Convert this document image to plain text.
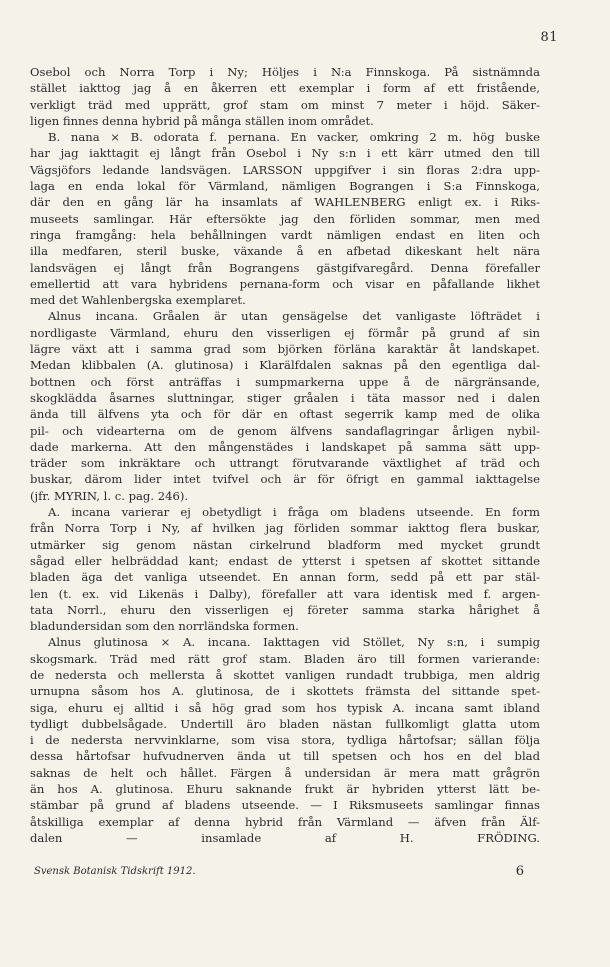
81
Osebol och Norra Torp i Ny; Höljes i N:a Finnskoga. På sistnämnda
stället iakttog jag å en åkerren ett exemplar i form af ett fristående,
verkligt träd med upprätt, grof stam om minst 7 meter i höjd. Säker-
ligen finnes denna hybrid på många ställen inom området.
B. nana × B. odorata f. pernana. En vacker, omkring 2 m. hög buske
har jag iakttagit ej långt från Osebol i Ny s:n i ett kärr utmed den till
Vägsjöfors ledande landsvägen. LARSSON uppgifver i sin floras 2:dra upp-
laga en enda lokal för Värmland, nämligen Bograngen i S:a Finnskoga,
där den en gång lär ha insamlats af WAHLENBERG enligt ex. i Riks-
museets samlingar. Här eftersökte jag den förliden sommar, men med
ringa framgång: hela behållningen vardt nämligen endast en liten och
illa medfaren, steril buske, växande å en afbetad dikeskant helt nära
landsvägen ej långt från Bograngens gästgifvaregård. Denna förefaller
emellertid att vara hybridens pernana-form och visar en påfallande likhet
med det Wahlenbergska exemplaret.
Alnus incana. Gråalen är utan gensägelse det vanligaste löfträdet i
nordligaste Värmland, ehuru den visserligen ej förmår på grund af sin
lägre växt att i samma grad som björken förläna karaktär åt landskapet.
Medan klibbalen (A. glutinosa) i Klarälfdalen saknas på den egentliga dal-
bottnen och först anträffas i sumpmarkerna uppe å de närgränsande,
skogklädda åsarnes sluttningar, stiger gråalen i täta massor ned i dalen
ända till älfvens yta och för där en oftast segerrik kamp med de olika
pil- och videarterna om de genom älfvens sandaflagringar årligen nybil-
dade markerna. Att den mångenstädes i landskapet på samma sätt upp-
träder som inkräktare och uttrangt förutvarande växtlighet af träd och
buskar, därom lider intet tvifvel och är för öfrigt en gammal iakttagelse
(jfr. MYRIN, l. c. pag. 246).
A. incana varierar ej obetydligt i fråga om bladens utseende. En form
från Norra Torp i Ny, af hvilken jag förliden sommar iakttog flera buskar,
utmärker sig genom nästan cirkelrund bladform med mycket grundt
sågad eller helbräddad kant; endast de ytterst i spetsen af skottet sittande
bladen äga det vanliga utseendet. En annan form, sedd på ett par stäl-
len (t. ex. vid Likenäs i Dalby), förefaller att vara identisk med f. argen-
tata Norrl., ehuru den visserligen ej företer samma starka hårighet å
bladundersidan som den norrländska formen.
Alnus glutinosa × A. incana. Iakttagen vid Stöllet, Ny s:n, i sumpig
skogsmark. Träd med rätt grof stam. Bladen äro till formen varierande:
de nedersta och mellersta å skottet vanligen rundadt trubbiga, men aldrig
urnupna såsom hos A. glutinosa, de i skottets främsta del sittande spet-
siga, ehuru ej alltid i så hög grad som hos typisk A. incana samt ibland
tydligt dubbelsågade. Undertill äro bladen nästan fullkomligt glatta utom
i de nedersta nervvinklarne, som visa stora, tydliga hårtofsar; sällan följa
dessa hårtofsar hufvudnerven ända ut till spetsen och hos en del blad
saknas de helt och hållet. Färgen å undersidan är mera matt grågrön
än hos A. glutinosa. Ehuru saknande frukt är hybriden ytterst lätt be-
stämbar på grund af bladens utseende. — I Riksmuseets samlingar finnas
åtskilliga exemplar af denna hybrid från Värmland — äfven från Älf-
dalen — insamlade af H. FRÖDING.
Svensk Botanisk Tidskrift 1912.	6
